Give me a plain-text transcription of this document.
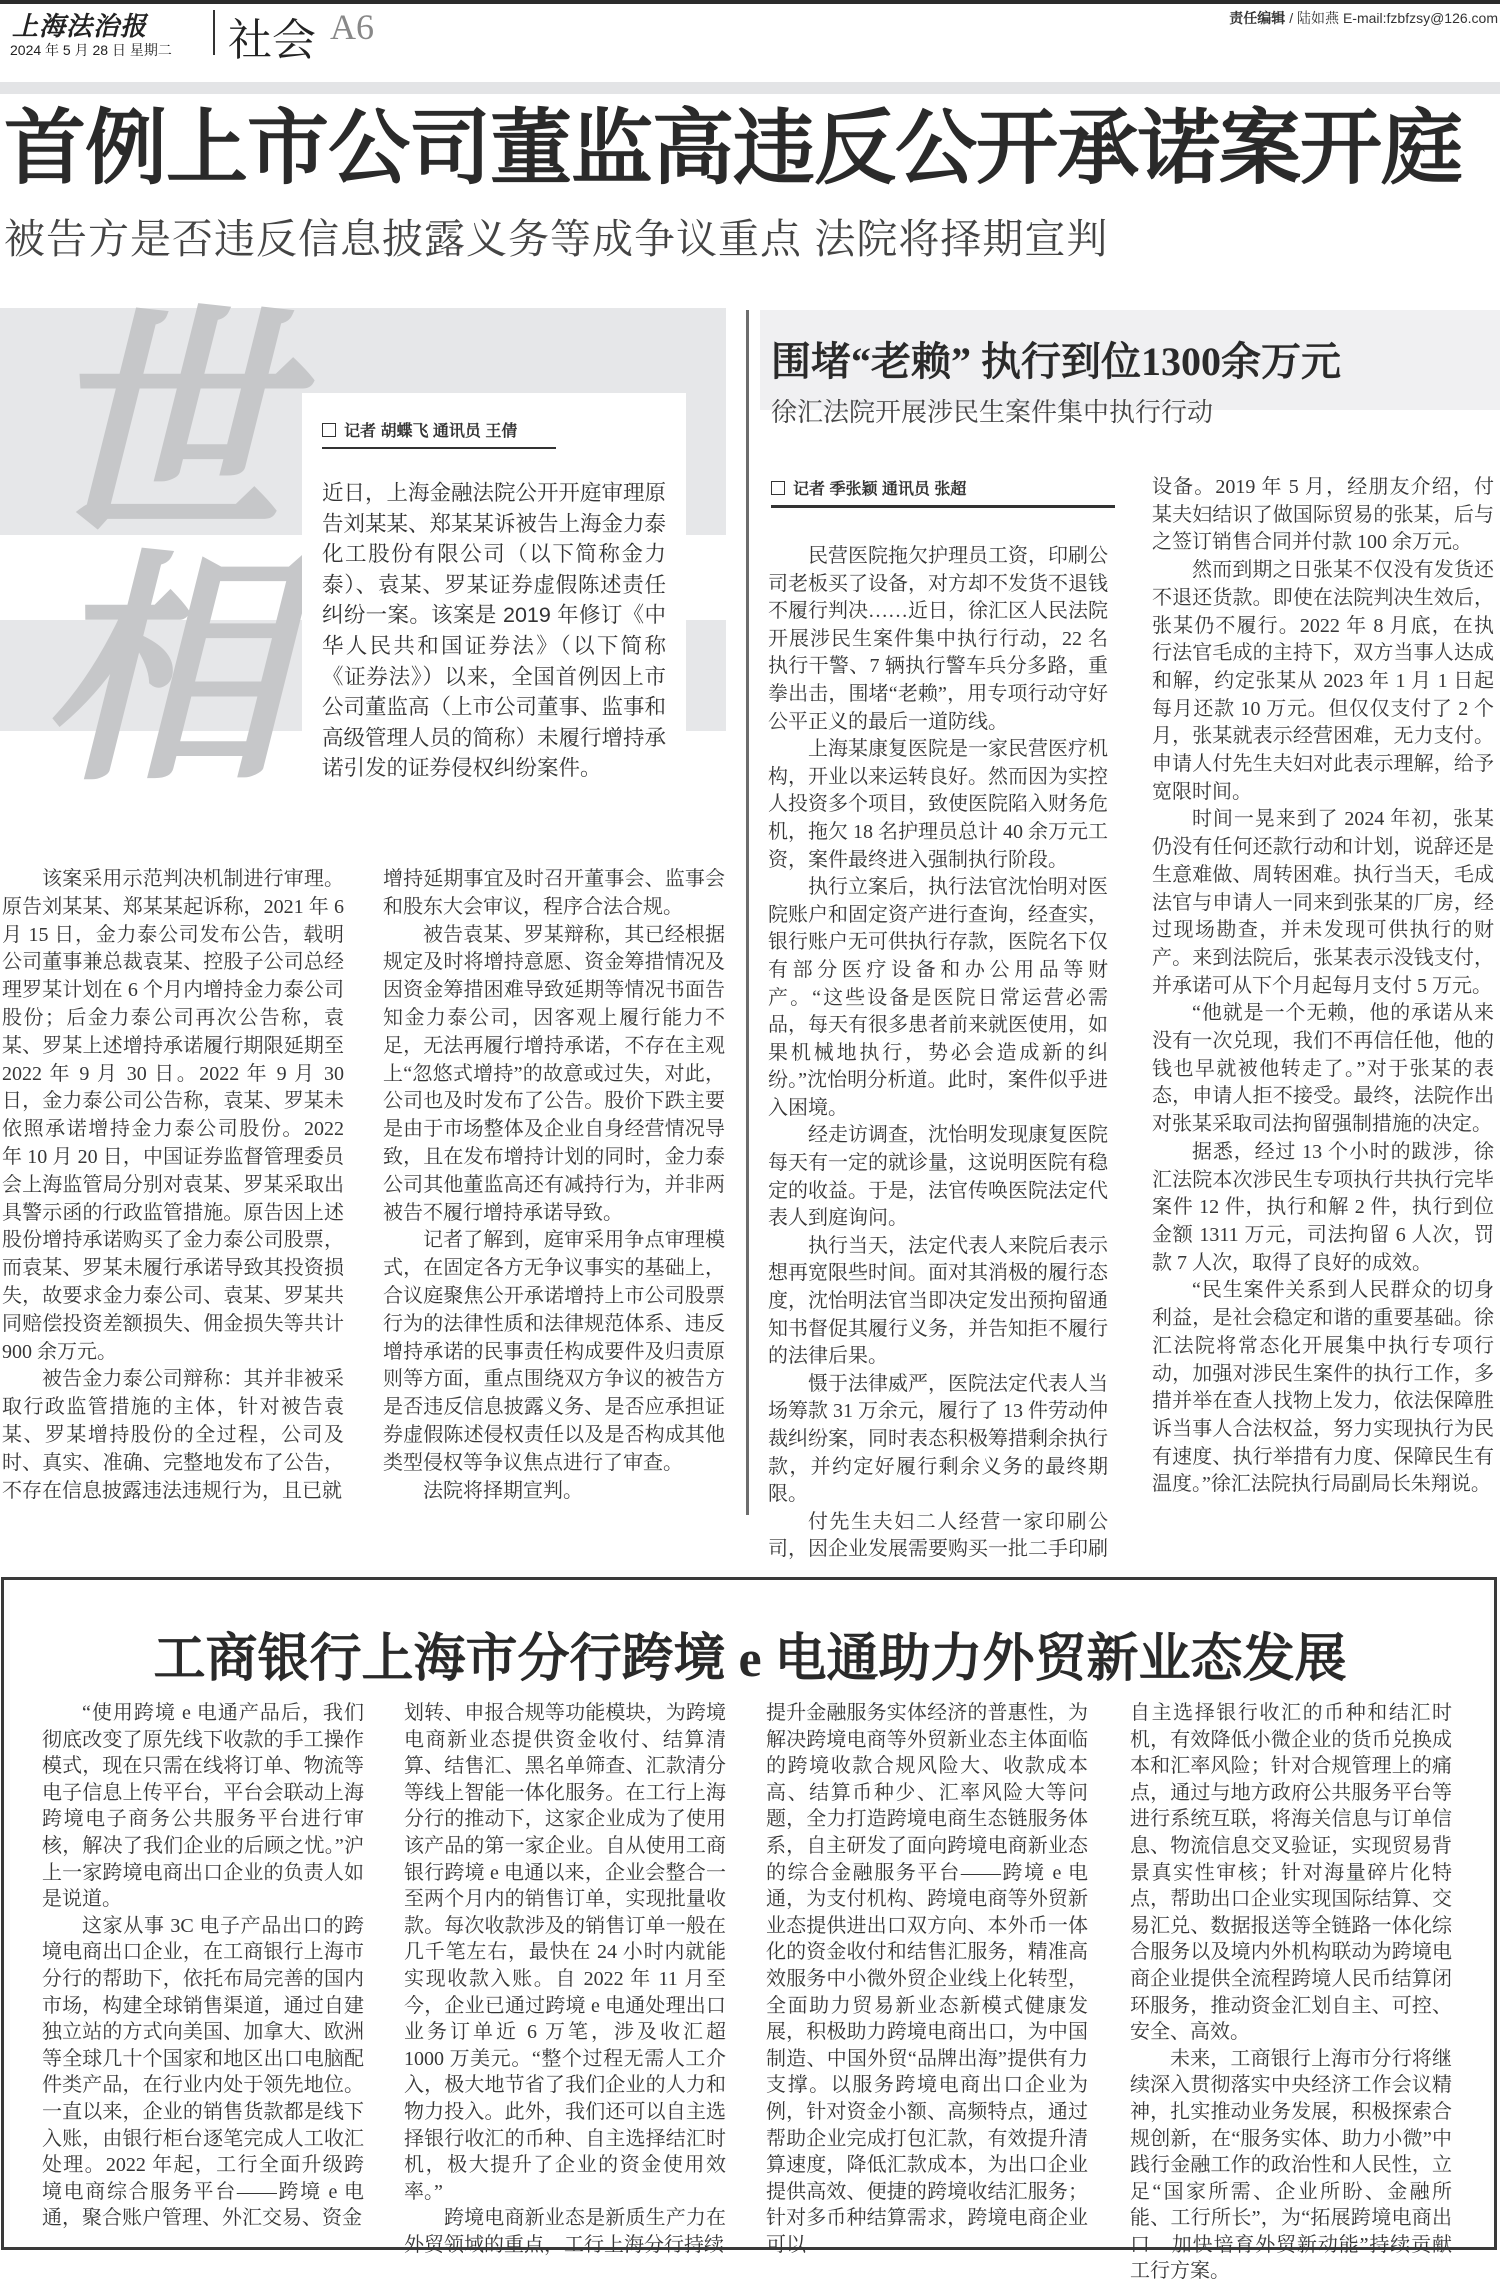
上海法治报
2024 年 5 月 28 日 星期二 社会 A6	责任编辑 / 陆如燕 E-mail:fzbfzsy@126.com
首例上市公司董监高违反公开承诺案开庭
被告方是否违反信息披露义务等成争议重点 法院将择期宣判
世相	记者 胡蝶飞 通讯员 王倩
近日，上海金融法院公开开庭审理原告刘某某、郑某某诉被告上海金力泰化工股份有限公司（以下简称金力泰）、袁某、罗某证券虚假陈述责任纠纷一案。该案是 2019 年修订《中华人民共和国证券法》（以下简称《证券法》）以来，全国首例因上市公司董监高（上市公司董事、监事和高级管理人员的简称）未履行增持承诺引发的证券侵权纠纷案件。

该案采用示范判决机制进行审理。原告刘某某、郑某某起诉称，2021 年 6 月 15 日，金力泰公司发布公告，载明公司董事兼总裁袁某、控股子公司总经理罗某计划在 6 个月内增持金力泰公司股份；后金力泰公司再次公告称，袁某、罗某上述增持承诺履行期限延期至 2022 年 9 月 30 日。2022 年 9 月 30 日，金力泰公司公告称，袁某、罗某未依照承诺增持金力泰公司股份。2022 年 10 月 20 日，中国证券监督管理委员会上海监管局分别对袁某、罗某采取出具警示函的行政监管措施。原告因上述股份增持承诺购买了金力泰公司股票，而袁某、罗某未履行承诺导致其投资损失，故要求金力泰公司、袁某、罗某共同赔偿投资差额损失、佣金损失等共计 900 余万元。

被告金力泰公司辩称：其并非被采取行政监管措施的主体，针对被告袁某、罗某增持股份的全过程，公司及时、真实、准确、完整地发布了公告，不存在信息披露违法违规行为，且已就

增持延期事宜及时召开董事会、监事会和股东大会审议，程序合法合规。

被告袁某、罗某辩称，其已经根据规定及时将增持意愿、资金筹措情况及因资金筹措困难导致延期等情况书面告知金力泰公司，因客观上履行能力不足，无法再履行增持承诺，不存在主观上“忽悠式增持”的故意或过失，对此，公司也及时发布了公告。股价下跌主要是由于市场整体及企业自身经营情况导致，且在发布增持计划的同时，金力泰公司其他董监高还有减持行为，并非两被告不履行增持承诺导致。

记者了解到，庭审采用争点审理模式，在固定各方无争议事实的基础上，合议庭聚焦公开承诺增持上市公司股票行为的法律性质和法律规范体系、违反增持承诺的民事责任构成要件及归责原则等方面，重点围绕双方争议的被告方是否违反信息披露义务、是否应承担证券虚假陈述侵权责任以及是否构成其他类型侵权等争议焦点进行了审查。

法院将择期宣判。

围堵“老赖” 执行到位1300余万元
徐汇法院开展涉民生案件集中执行行动
记者 季张颖 通讯员 张超

民营医院拖欠护理员工资，印刷公司老板买了设备，对方却不发货不退钱不履行判决……近日，徐汇区人民法院开展涉民生案件集中执行行动，22 名执行干警、7 辆执行警车兵分多路，重拳出击，围堵“老赖”，用专项行动守好公平正义的最后一道防线。

上海某康复医院是一家民营医疗机构，开业以来运转良好。然而因为实控人投资多个项目，致使医院陷入财务危机，拖欠 18 名护理员总计 40 余万元工资，案件最终进入强制执行阶段。

执行立案后，执行法官沈怡明对医院账户和固定资产进行查询，经查实，银行账户无可供执行存款，医院名下仅有部分医疗设备和办公用品等财产。“这些设备是医院日常运营必需品，每天有很多患者前来就医使用，如果机械地执行，势必会造成新的纠纷。”沈怡明分析道。此时，案件似乎进入困境。

经走访调查，沈怡明发现康复医院每天有一定的就诊量，这说明医院有稳定的收益。于是，法官传唤医院法定代表人到庭询问。

执行当天，法定代表人来院后表示想再宽限些时间。面对其消极的履行态度，沈怡明法官当即决定发出预拘留通知书督促其履行义务，并告知拒不履行的法律后果。

慑于法律威严，医院法定代表人当场筹款 31 万余元，履行了 13 件劳动仲裁纠纷案，同时表态积极筹措剩余执行款，并约定好履行剩余义务的最终期限。

付先生夫妇二人经营一家印刷公司，因企业发展需要购买一批二手印刷

设备。2019 年 5 月，经朋友介绍，付某夫妇结识了做国际贸易的张某，后与之签订销售合同并付款 100 余万元。

然而到期之日张某不仅没有发货还不退还货款。即使在法院判决生效后，张某仍不履行。2022 年 8 月底，在执行法官毛成的主持下，双方当事人达成和解，约定张某从 2023 年 1 月 1 日起每月还款 10 万元。但仅仅支付了 2 个月，张某就表示经营困难，无力支付。申请人付先生夫妇对此表示理解，给予宽限时间。

时间一晃来到了 2024 年初，张某仍没有任何还款行动和计划，说辞还是生意难做、周转困难。执行当天，毛成法官与申请人一同来到张某的厂房，经过现场勘查，并未发现可供执行的财产。来到法院后，张某表示没钱支付，并承诺可从下个月起每月支付 5 万元。

“他就是一个无赖，他的承诺从来没有一次兑现，我们不再信任他，他的钱也早就被他转走了。”对于张某的表态，申请人拒不接受。最终，法院作出对张某采取司法拘留强制措施的决定。

据悉，经过 13 个小时的跋涉，徐汇法院本次涉民生专项执行共执行完毕案件 12 件，执行和解 2 件，执行到位金额 1311 万元，司法拘留 6 人次，罚款 7 人次，取得了良好的成效。

“民生案件关系到人民群众的切身利益，是社会稳定和谐的重要基础。徐汇法院将常态化开展集中执行专项行动，加强对涉民生案件的执行工作，多措并举在查人找物上发力，依法保障胜诉当事人合法权益，努力实现执行为民有速度、执行举措有力度、保障民生有温度。”徐汇法院执行局副局长朱翔说。

工商银行上海市分行跨境 e 电通助力外贸新业态发展

“使用跨境 e 电通产品后，我们彻底改变了原先线下收款的手工操作模式，现在只需在线将订单、物流等电子信息上传平台，平台会联动上海跨境电子商务公共服务平台进行审核，解决了我们企业的后顾之忧。”沪上一家跨境电商出口企业的负责人如是说道。

这家从事 3C 电子产品出口的跨境电商出口企业，在工商银行上海市分行的帮助下，依托布局完善的国内市场，构建全球销售渠道，通过自建独立站的方式向美国、加拿大、欧洲等全球几十个国家和地区出口电脑配件类产品，在行业内处于领先地位。一直以来，企业的销售货款都是线下入账，由银行柜台逐笔完成人工收汇处理。2022 年起，工行全面升级跨境电商综合服务平台——跨境 e 电通，聚合账户管理、外汇交易、资金

划转、申报合规等功能模块，为跨境电商新业态提供资金收付、结算清算、结售汇、黑名单筛查、汇款清分等线上智能一体化服务。在工行上海分行的推动下，这家企业成为了使用该产品的第一家企业。自从使用工商银行跨境 e 电通以来，企业会整合一至两个月内的销售订单，实现批量收款。每次收款涉及的销售订单一般在几千笔左右，最快在 24 小时内就能实现收款入账。自 2022 年 11 月至今，企业已通过跨境 e 电通处理出口业务订单近 6 万笔，涉及收汇超 1000 万美元。“整个过程无需人工介入，极大地节省了我们企业的人力和物力投入。此外，我们还可以自主选择银行收汇的币种、自主选择结汇时机，极大提升了企业的资金使用效率。”

跨境电商新业态是新质生产力在外贸领域的重点，工行上海分行持续

提升金融服务实体经济的普惠性，为解决跨境电商等外贸新业态主体面临的跨境收款合规风险大、收款成本高、结算币种少、汇率风险大等问题，全力打造跨境电商生态链服务体系，自主研发了面向跨境电商新业态的综合金融服务平台——跨境 e 电通，为支付机构、跨境电商等外贸新业态提供进出口双方向、本外币一体化的资金收付和结售汇服务，精准高效服务中小微外贸企业线上化转型，全面助力贸易新业态新模式健康发展，积极助力跨境电商出口，为中国制造、中国外贸“品牌出海”提供有力支撑。以服务跨境电商出口企业为例，针对资金小额、高频特点，通过帮助企业完成打包汇款，有效提升清算速度，降低汇款成本，为出口企业提供高效、便捷的跨境收结汇服务；针对多币种结算需求，跨境电商企业可以

自主选择银行收汇的币种和结汇时机，有效降低小微企业的货币兑换成本和汇率风险；针对合规管理上的痛点，通过与地方政府公共服务平台等进行系统互联，将海关信息与订单信息、物流信息交叉验证，实现贸易背景真实性审核；针对海量碎片化特点，帮助出口企业实现国际结算、交易汇兑、数据报送等全链路一体化综合服务以及境内外机构联动为跨境电商企业提供全流程跨境人民币结算闭环服务，推动资金汇划自主、可控、安全、高效。

未来，工商银行上海市分行将继续深入贯彻落实中央经济工作会议精神，扎实推动业务发展，积极探索合规创新，在“服务实体、助力小微”中践行金融工作的政治性和人民性，立足“国家所需、企业所盼、金融所能、工行所长”，为“拓展跨境电商出口　加快培育外贸新动能”持续贡献工行方案。
